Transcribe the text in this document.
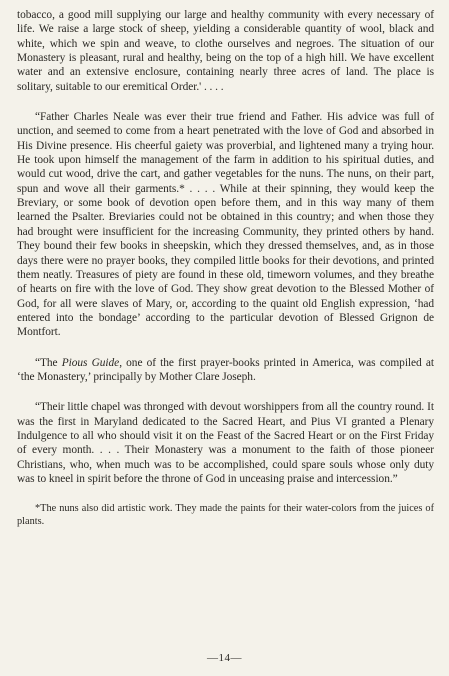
tobacco, a good mill supplying our large and healthy community with every necessary of life. We raise a large stock of sheep, yielding a considerable quantity of wool, black and white, which we spin and weave, to clothe ourselves and negroes. The situation of our Monastery is pleasant, rural and healthy, being on the top of a high hill. We have excellent water and an extensive enclosure, containing nearly three acres of land. The place is solitary, suitable to our eremitical Order.' . . . .

“Father Charles Neale was ever their true friend and Father. His advice was full of unction, and seemed to come from a heart penetrated with the love of God and absorbed in His Divine presence. His cheerful gaiety was proverbial, and lightened many a trying hour. He took upon himself the management of the farm in addition to his spiritual duties, and would cut wood, drive the cart, and gather vegetables for the nuns. The nuns, on their part, spun and wove all their garments.* . . . . While at their spinning, they would keep the Breviary, or some book of devotion open before them, and in this way many of them learned the Psalter. Breviaries could not be obtained in this country; and when those they had brought were insufficient for the increasing Community, they printed others by hand. They bound their few books in sheepskin, which they dressed themselves, and, as in those days there were no prayer books, they compiled little books for their devotions, and printed them neatly. Treasures of piety are found in these old, timeworn volumes, and they breathe of hearts on fire with the love of God. They show great devotion to the Blessed Mother of God, for all were slaves of Mary, or, according to the quaint old English expression, ‘had entered into the bondage’ according to the particular devotion of Blessed Grignon de Montfort.

“The Pious Guide, one of the first prayer-books printed in America, was compiled at ‘the Monastery,’ principally by Mother Clare Joseph.

“Their little chapel was thronged with devout worshippers from all the country round. It was the first in Maryland dedicated to the Sacred Heart, and Pius VI granted a Plenary Indulgence to all who should visit it on the Feast of the Sacred Heart or on the First Friday of every month. . . . Their Monastery was a monument to the faith of those pioneer Christians, who, when much was to be accomplished, could spare souls whose only duty was to kneel in spirit before the throne of God in unceasing praise and intercession.”

*The nuns also did artistic work. They made the paints for their water-colors from the juices of plants.

—14—
